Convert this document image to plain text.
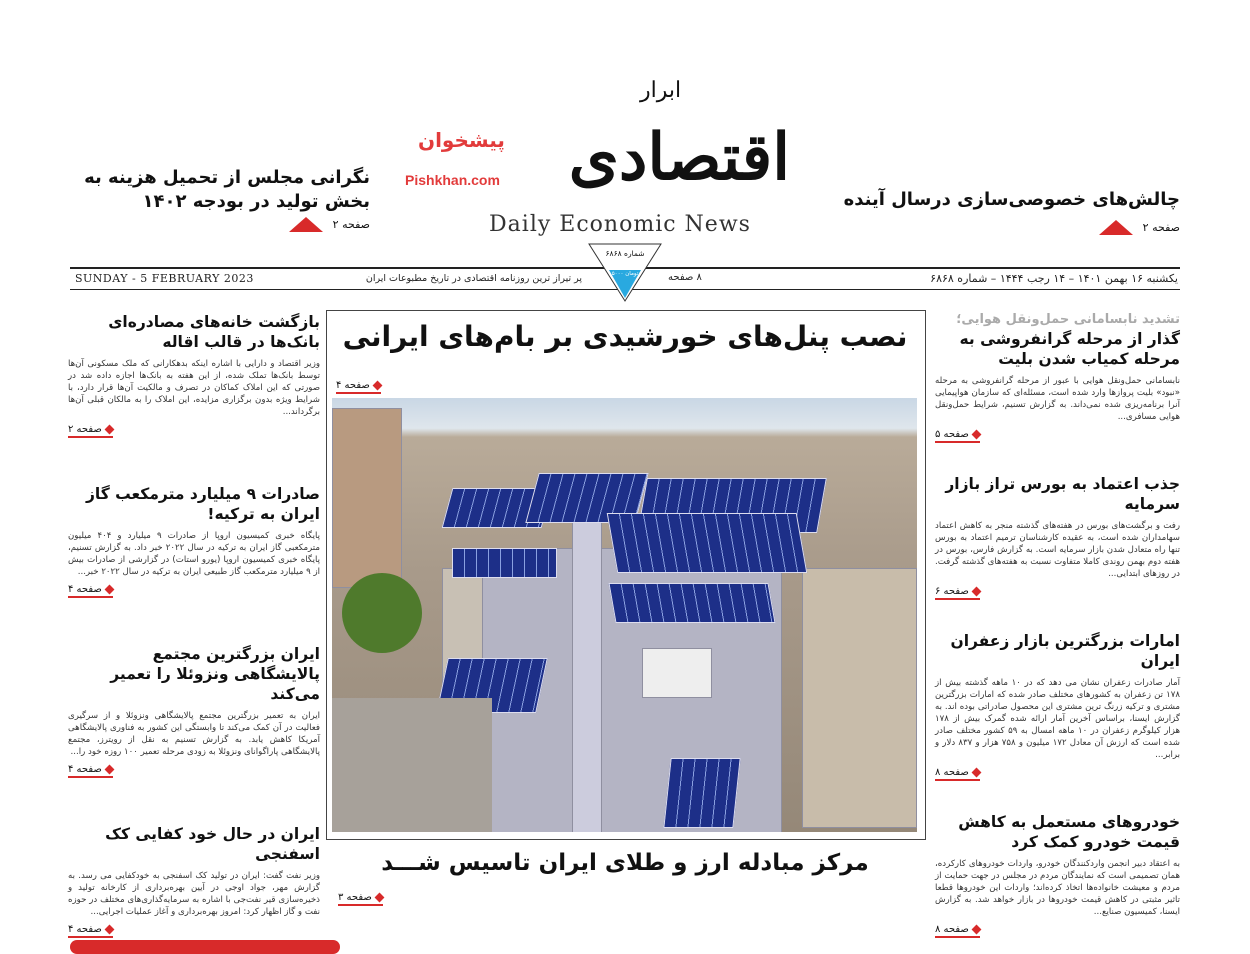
ابرار
اقتصادی
پیشخوان
Pishkhan.com
Daily Economic News
نگرانی مجلس از تحمیل هزینه به بخش تولید در بودجه ۱۴۰۲
صفحه ۲
چالش‌های خصوصی‌سازی درسال آینده
صفحه ۲
SUNDAY - 5 FEBRUARY 2023	یکشنبه ۱۶ بهمن ۱۴۰۱ – ۱۴ رجب ۱۴۴۴ – شماره ۶۸۶۸
پر تیراز ترین روزنامه اقتصادی در تاریخ مطبوعات ایران	۸ صفحه
شماره ۶۸۶۸
۵۰۰۰ تومان
نصب پنل‌های خورشیدی بر بام‌های ایرانی
صفحه ۴
مرکز مبادله ارز و طلای ایران تاسیس شـــد
صفحه ۳
تشدید نابسامانی حمل‌ونقل هوایی؛
گذار از مرحله گرانفروشی به مرحله کمیاب شدن بلیت

نابسامانی حمل‌ونقل هوایی با عبور از مرحله گرانفروشی به مرحله «نبود» بلیت پروازها وارد شده است، مسئله‌ای که سازمان هواپیمایی آنرا برنامه‌ریزی شده نمی‌داند. به گزارش تسنیم، شرایط حمل‌ونقل هوایی مسافری...

صفحه ۵
جذب اعتماد به بورس تراز بازار سرمایه

رفت و برگشت‌های بورس در هفته‌های گذشته منجر به کاهش اعتماد سهامداران شده است، به عقیده کارشناسان ترمیم اعتماد به بورس تنها راه متعادل شدن بازار سرمایه است. به گزارش فارس، بورس در هفته دوم بهمن روندی کاملا متفاوت نسبت به هفته‌های گذشته گرفت. در روزهای ابتدایی...

صفحه ۶
امارات بزرگترین بازار زعفران ایران

آمار صادرات زعفران نشان می دهد که در ۱۰ ماهه گذشته بیش از ۱۷۸ تن زعفران به کشورهای مختلف صادر شده که امارات بزرگترین مشتری و ترکیه زرنگ ترین مشتری این محصول صادراتی بوده اند. به گزارش ایسنا، براساس آخرین آمار ارائه شده گمرک بیش از ۱۷۸ هزار کیلوگرم زعفران در ۱۰ ماهه امسال به ۵۹ کشور مختلف صادر شده است که ارزش آن معادل ۱۷۲ میلیون و ۷۵۸ هزار و ۸۳۷ دلار و برابر...

صفحه ۸
خودروهای مستعمل به کاهش قیمت خودرو کمک کرد

به اعتقاد دبیر انجمن واردکنندگان خودرو، واردات خودروهای کارکرده، همان تصمیمی است که نمایندگان مردم در مجلس در جهت حمایت از مردم و معیشت خانواده‌ها اتخاذ کرده‌اند؛ واردات این خودروها قطعا تاثیر مثبتی در کاهش قیمت خودروها در بازار خواهد شد. به گزارش ایسنا، کمیسیون صنایع...

صفحه ۸
بازگشت خانه‌های مصادره‌ای بانک‌ها در قالب اقاله

وزیر اقتصاد و دارایی با اشاره اینکه بدهکارانی که ملک مسکونی آن‌ها توسط بانک‌ها تملک شده، از این هفته به بانک‌ها اجازه داده شد در صورتی که این املاک کماکان در تصرف و مالکیت آن‌ها قرار دارد، با شرایط ویژه بدون برگزاری مزایده، این املاک را به مالکان قبلی آن‌ها برگرداند...

صفحه ۲
صادرات ۹ میلیارد مترمکعب گاز ایران به ترکیه!

پایگاه خبری کمیسیون اروپا از صادرات ۹ میلیارد و ۴۰۴ میلیون مترمکعبی گاز ایران به ترکیه در سال ۲۰۲۲ خبر داد. به گزارش تسنیم، پایگاه خبری کمیسیون اروپا (یورو استات) در گزارشی از صادرات بیش از ۹ میلیارد مترمکعب گاز طبیعی ایران به ترکیه در سال ۲۰۲۲ خبر...

صفحه ۴
ایران بزرگترین مجتمع پالایشگاهی ونزوئلا را تعمیر می‌کند

ایران به تعمیر بزرگترین مجتمع پالایشگاهی ونزوئلا و از سرگیری فعالیت در آن کمک می‌کند تا وابستگی این کشور به فناوری پالایشگاهی آمریکا کاهش یابد. به گزارش تسنیم به نقل از رویترز، مجتمع پالایشگاهی پاراگوانای ونزوئلا به زودی مرحله تعمیر ۱۰۰ روزه خود را...

صفحه ۴
ایران در حال خود کفایی کک اسفنجی

وزیر نفت گفت: ایران در تولید کک اسفنجی به خودکفایی می رسد. به گزارش مهر، جواد اوجی در آیین بهره‌برداری از کارخانه تولید و ذخیره‌سازی قیر نفت‌جی با اشاره به سرمایه‌گذاری‌های مختلف در حوزه نفت و گاز اظهار کرد: امروز بهره‌برداری و آغاز عملیات اجرایی...

صفحه ۴
